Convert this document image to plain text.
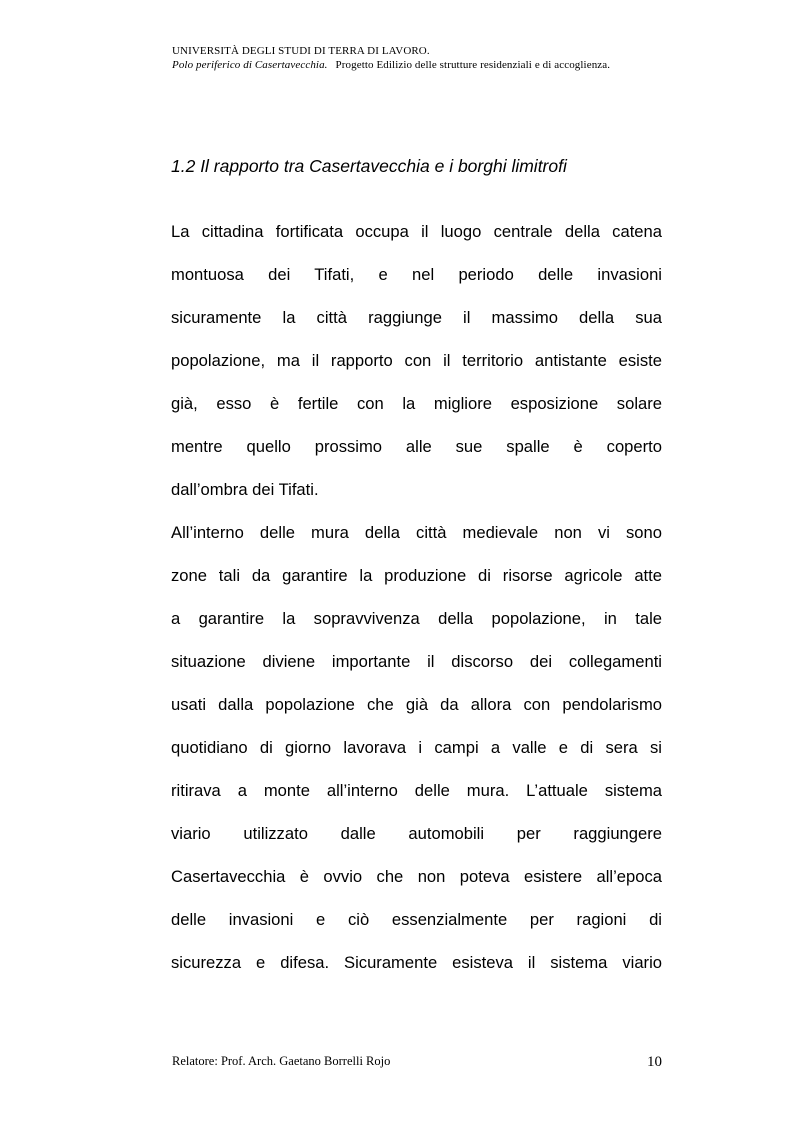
UNIVERSITÀ DEGLI STUDI DI TERRA DI LAVORO.
Polo periferico di Casertavecchia. Progetto Edilizio delle strutture residenziali e di accoglienza.
1.2 Il rapporto tra Casertavecchia e i borghi limitrofi
La cittadina fortificata occupa il luogo centrale della catena
montuosa dei Tifati, e nel periodo delle invasioni
sicuramente la città raggiunge il massimo della sua
popolazione, ma il rapporto con il territorio antistante esiste
già, esso è fertile con la migliore esposizione solare
mentre quello prossimo alle sue spalle è coperto
dall’ombra dei Tifati.
All’interno delle mura della città medievale non vi sono
zone tali da garantire la produzione di risorse agricole atte
a garantire la sopravvivenza della popolazione, in tale
situazione diviene importante il discorso dei collegamenti
usati dalla popolazione che già da allora con pendolarismo
quotidiano di giorno lavorava i campi a valle e di sera si
ritirava a monte all’interno delle mura. L’attuale sistema
viario utilizzato dalle automobili per raggiungere
Casertavecchia è ovvio che non poteva esistere all’epoca
delle invasioni e ciò essenzialmente per ragioni di
sicurezza e difesa. Sicuramente esisteva il sistema viario
Relatore: Prof. Arch. Gaetano Borrelli Rojo	10
